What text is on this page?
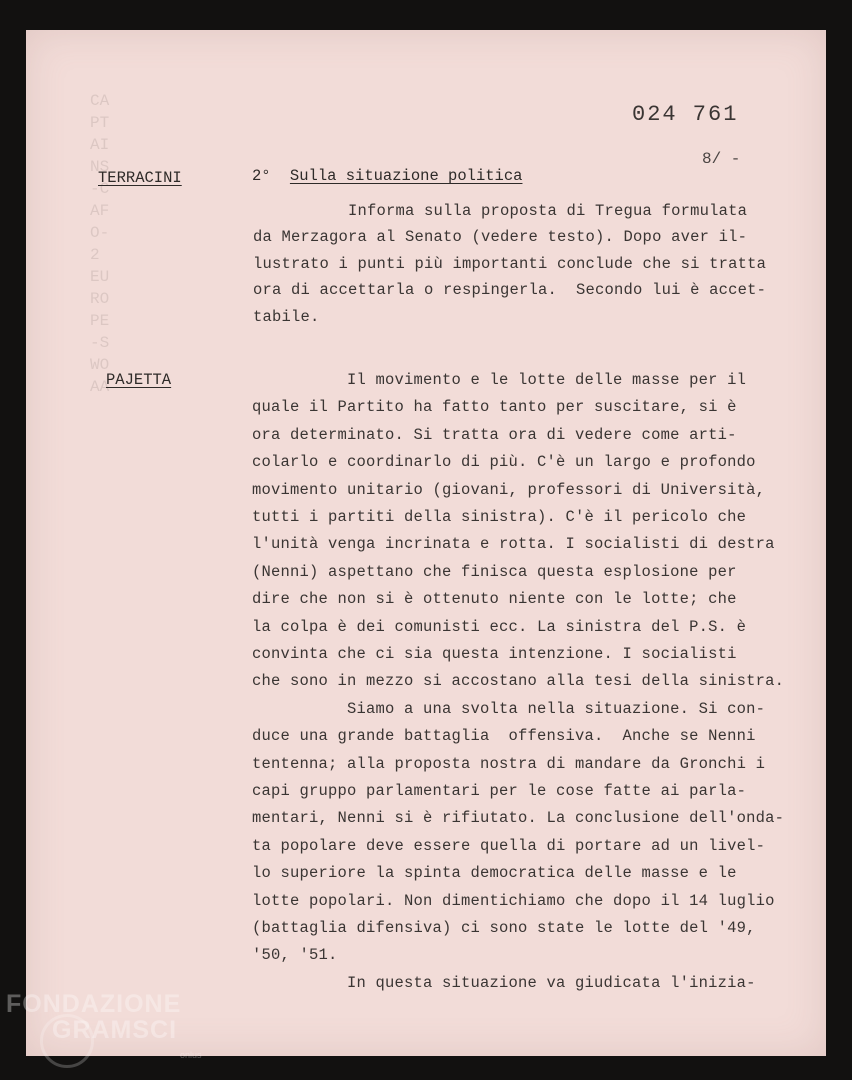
CAPTAINS-CAFO-2 EUROPE-SWOAA
024 761
8/ -
TERRACINI	2° Sulla situazione politica
Informa sulla proposta di Tregua formulata
da Merzagora al Senato (vedere testo). Dopo aver il-
lustrato i punti più importanti conclude che si tratta
ora di accettarla o respingerla.  Secondo lui è accet-
tabile.
PAJETTA	Il movimento e le lotte delle masse per il
quale il Partito ha fatto tanto per suscitare, si è
ora determinato. Si tratta ora di vedere come arti-
colarlo e coordinarlo di più. C'è un largo e profondo
movimento unitario (giovani, professori di Università,
tutti i partiti della sinistra). C'è il pericolo che
l'unità venga incrinata e rotta. I socialisti di destra
(Nenni) aspettano che finisca questa esplosione per
dire che non si è ottenuto niente con le lotte; che
la colpa è dei comunisti ecc. La sinistra del P.S. è
convinta che ci sia questa intenzione. I socialisti
che sono in mezzo si accostano alla tesi della sinistra.
Siamo a una svolta nella situazione. Si con-
duce una grande battaglia  offensiva.  Anche se Nenni
tentenna; alla proposta nostra di mandare da Gronchi i
capi gruppo parlamentari per le cose fatte ai parla-
mentari, Nenni si è rifiutato. La conclusione dell'onda-
ta popolare deve essere quella di portare ad un livel-
lo superiore la spinta democratica delle masse e le
lotte popolari. Non dimentichiamo che dopo il 14 luglio
(battaglia difensiva) ci sono state le lotte del '49,
'50, '51.
In questa situazione va giudicata l'inizia-
FONDAZIONE
GRAMSCI
onlus
